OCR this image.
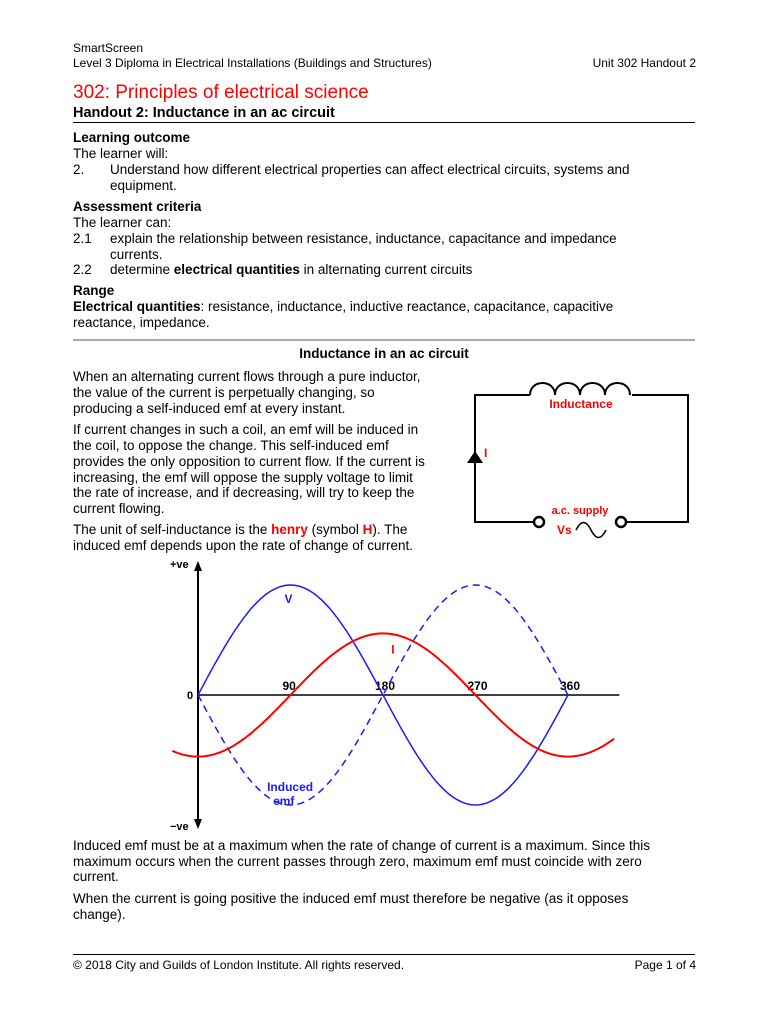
SmartScreen
Level 3 Diploma in Electrical Installations (Buildings and Structures)	Unit 302 Handout 2
302: Principles of electrical science
Handout 2: Inductance in an ac circuit
Learning outcome
The learner will:
2. Understand how different electrical properties can affect electrical circuits, systems and
equipment.
Assessment criteria
The learner can:
2.1 explain the relationship between resistance, inductance, capacitance and impedance
currents.
2.2 determine electrical quantities in alternating current circuits
Range
Electrical quantities: resistance, inductance, inductive reactance, capacitance, capacitive
reactance, impedance.
Inductance in an ac circuit
When an alternating current flows through a pure inductor,
the value of the current is perpetually changing, so
producing a self-induced emf at every instant.
If current changes in such a coil, an emf will be induced in
the coil, to oppose the change. This self-induced emf
provides the only opposition to current flow. If the current is
increasing, the emf will oppose the supply voltage to limit
the rate of increase, and if decreasing, will try to keep the
current flowing.
The unit of self-inductance is the henry (symbol H). The
induced emf depends upon the rate of change of current.
Inductance
I
a.c. supply
Vs
+ve
−ve
0
90	180	270	360
V
I
Induced
emf
Induced emf must be at a maximum when the rate of change of current is a maximum. Since this
maximum occurs when the current passes through zero, maximum emf must coincide with zero
current.
When the current is going positive the induced emf must therefore be negative (as it opposes
change).
© 2018 City and Guilds of London Institute. All rights reserved.	Page 1 of 4
